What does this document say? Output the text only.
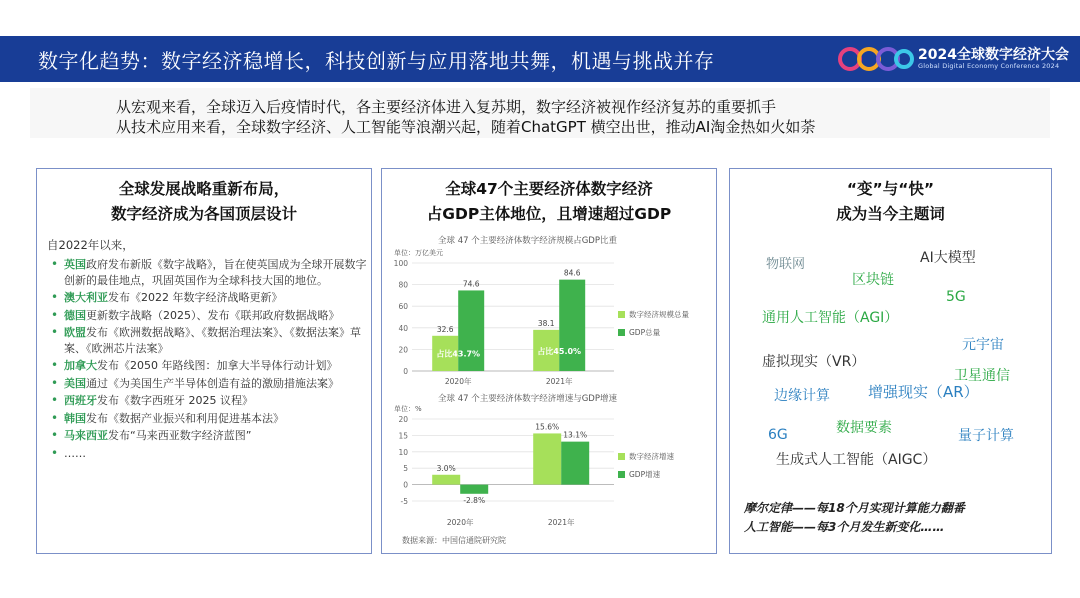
数字化趋势：数字经济稳增长，科技创新与应用落地共舞，机遇与挑战并存	2024全球数字经济大会
Global Digital Economy Conference 2024
从宏观来看，全球迈入后疫情时代，各主要经济体进入复苏期，数字经济被视作经济复苏的重要抓手
从技术应用来看，全球数字经济、人工智能等浪潮兴起，随着ChatGPT 横空出世，推动AI淘金热如火如荼
全球发展战略重新布局，
数字经济成为各国顶层设计
自2022年以来，
• 英国政府发布新版《数字战略》，旨在使英国成为全球开展数字创新的最佳地点，巩固英国作为全球科技大国的地位。
• 澳大利亚发布《2022 年数字经济战略更新》
• 德国更新数字战略（2025）、发布《联邦政府数据战略》
• 欧盟发布《欧洲数据战略》、《数据治理法案》、《数据法案》草案、《欧洲芯片法案》
• 加拿大发布《2050 年路线图：加拿大半导体行动计划》
• 美国通过《为美国生产半导体创造有益的激励措施法案》
• 西班牙发布《数字西班牙 2025 议程》
• 韩国发布《数据产业振兴和利用促进基本法》
• 马来西亚发布“马来西亚数字经济蓝图”
• ……
全球47个主要经济体数字经济
占GDP主体地位，且增速超过GDP
全球 47 个主要经济体数字经济规模占GDP比重
单位：万亿美元
100
80
60
40
20
0
32.6
74.6
占比43.7%
2020年
38.1
84.6
占比45.0%
2021年
数字经济规模总量
GDP总量
全球 47 个主要经济体数字经济增速与GDP增速
单位：%
20
15
10
5
0
-5
3.0%
-2.8%
2020年
15.6%
13.1%
2021年
数字经济增速
GDP增速
数据来源：中国信通院研究院
“变”与“快”
成为当今主题词
物联网	AI大模型
区块链
5G
通用人工智能（AGI）
元宇宙
虚拟现实（VR）
卫星通信
边缘计算	增强现实（AR）
数据要素
6G	量子计算
生成式人工智能（AIGC）
摩尔定律——每18个月实现计算能力翻番
人工智能——每3个月发生新变化……
